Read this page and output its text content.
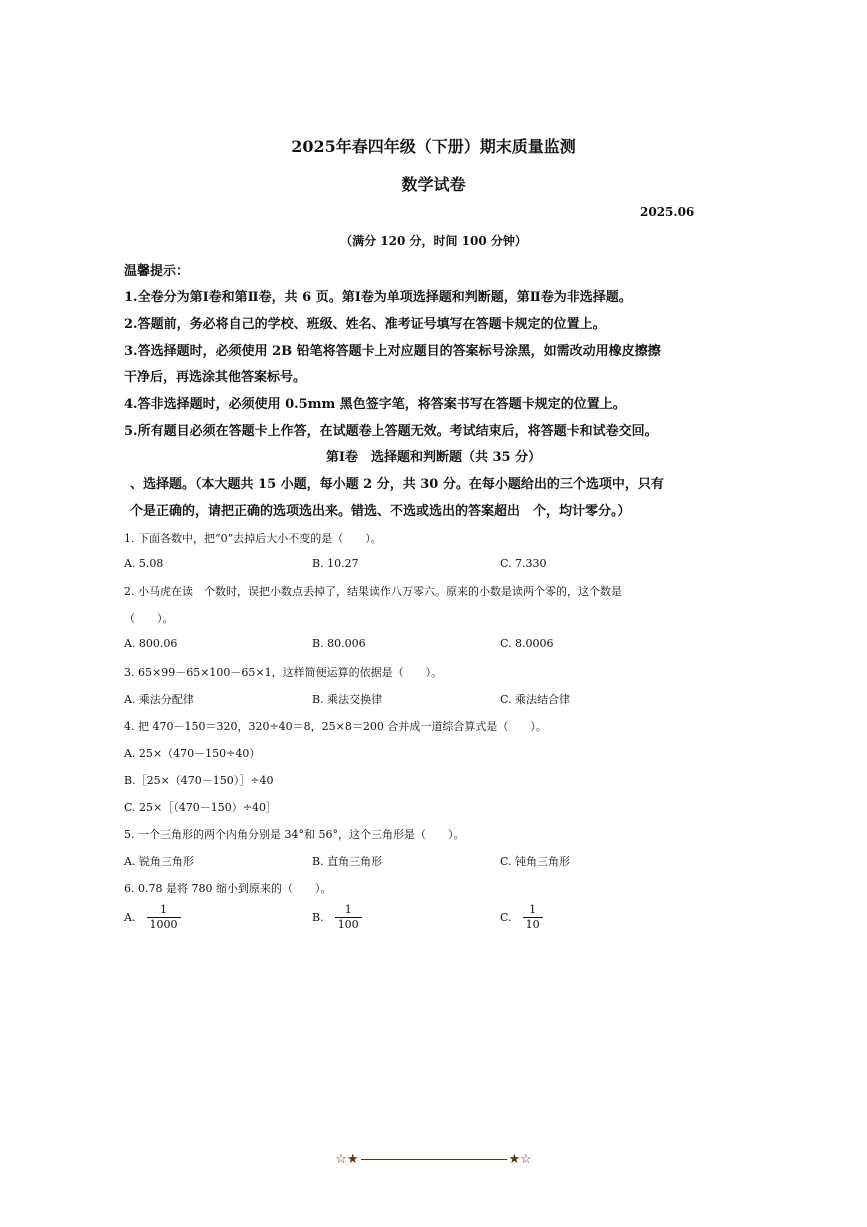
2025年春四年级（下册）期末质量监测
数学试卷
2025.06
（满分 120 分，时间 100 分钟）
温馨提示：
1.全卷分为第Ⅰ卷和第Ⅱ卷，共 6 页。第Ⅰ卷为单项选择题和判断题，第Ⅱ卷为非选择题。
2.答题前，务必将自己的学校、班级、姓名、准考证号填写在答题卡规定的位置上。
3.答选择题时，必须使用 2B 铅笔将答题卡上对应题目的答案标号涂黑，如需改动用橡皮擦擦
干净后，再选涂其他答案标号。
4.答非选择题时，必须使用 0.5mm 黑色签字笔，将答案书写在答题卡规定的位置上。
5.所有题目必须在答题卡上作答，在试题卷上答题无效。考试结束后，将答题卡和试卷交回。
第Ⅰ卷　选择题和判断题（共 35 分）
、选择题。（本大题共 15 小题，每小题 2 分，共 30 分。在每小题给出的三个选项中，只有
个是正确的，请把正确的选项选出来。错选、不选或选出的答案超出　个，均计零分。）
1. 下面各数中，把“0”去掉后大小不变的是（　　）。
A. 5.08	B. 10.27	C. 7.330
2. 小马虎在读　个数时，误把小数点丢掉了，结果读作八万零六。原来的小数是读两个零的，这个数是
（　　）。
A. 800.06	B. 80.006	C. 8.0006
3. 65×99－65×100－65×1，这样简便运算的依据是（　　）。
A. 乘法分配律	B. 乘法交换律	C. 乘法结合律
4. 把 470－150＝320，320÷40＝8，25×8＝200 合并成一道综合算式是（　　）。
A. 25×（470－150÷40）
B.［25×（470－150）］÷40
C. 25×［（470－150）÷40］
5. 一个三角形的两个内角分别是 34°和 56°，这个三角形是（　　）。
A. 锐角三角形	B. 直角三角形	C. 钝角三角形
6. 0.78 是将 780 缩小到原来的（　　）。
A. $\frac{1}{1000}$	B. $\frac{1}{100}$	C. $\frac{1}{10}$
☆★	★☆
